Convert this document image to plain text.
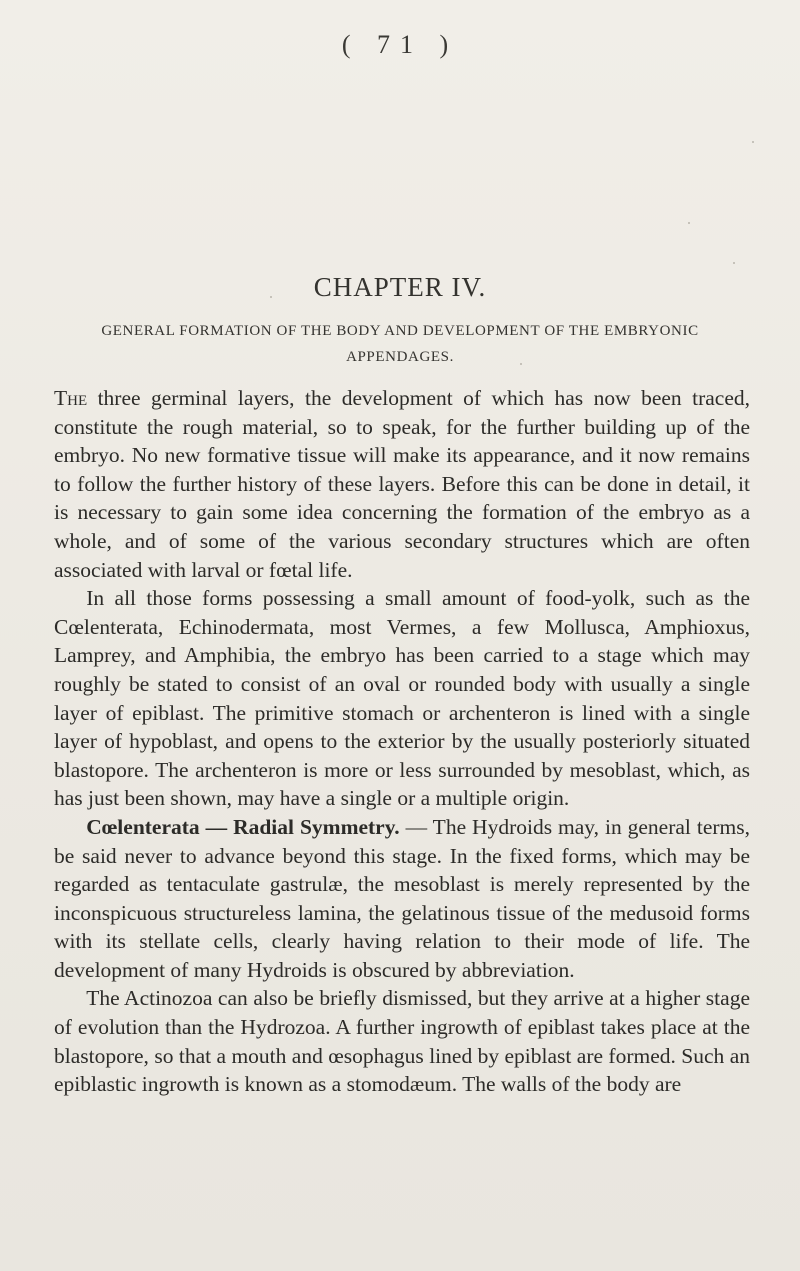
( 71 )
CHAPTER IV.
GENERAL FORMATION OF THE BODY AND DEVELOPMENT OF THE EMBRYONIC APPENDAGES.

The three germinal layers, the development of which has now been traced, constitute the rough material, so to speak, for the further building up of the embryo. No new formative tissue will make its appearance, and it now remains to follow the further history of these layers. Before this can be done in detail, it is necessary to gain some idea concerning the formation of the embryo as a whole, and of some of the various secondary structures which are often associated with larval or fœtal life.

In all those forms possessing a small amount of food-yolk, such as the Cœlenterata, Echinodermata, most Vermes, a few Mollusca, Amphioxus, Lamprey, and Amphibia, the embryo has been carried to a stage which may roughly be stated to consist of an oval or rounded body with usually a single layer of epiblast. The primitive stomach or archenteron is lined with a single layer of hypoblast, and opens to the exterior by the usually posteriorly situated blastopore. The archenteron is more or less surrounded by mesoblast, which, as has just been shown, may have a single or a multiple origin.

Cœlenterata — Radial Symmetry. — The Hydroids may, in general terms, be said never to advance beyond this stage. In the fixed forms, which may be regarded as tentaculate gastrulæ, the mesoblast is merely represented by the inconspicuous structureless lamina, the gelatinous tissue of the medusoid forms with its stellate cells, clearly having relation to their mode of life. The development of many Hydroids is obscured by abbreviation.

The Actinozoa can also be briefly dismissed, but they arrive at a higher stage of evolution than the Hydrozoa. A further ingrowth of epiblast takes place at the blastopore, so that a mouth and œsophagus lined by epiblast are formed. Such an epiblastic ingrowth is known as a stomodæum. The walls of the body are
